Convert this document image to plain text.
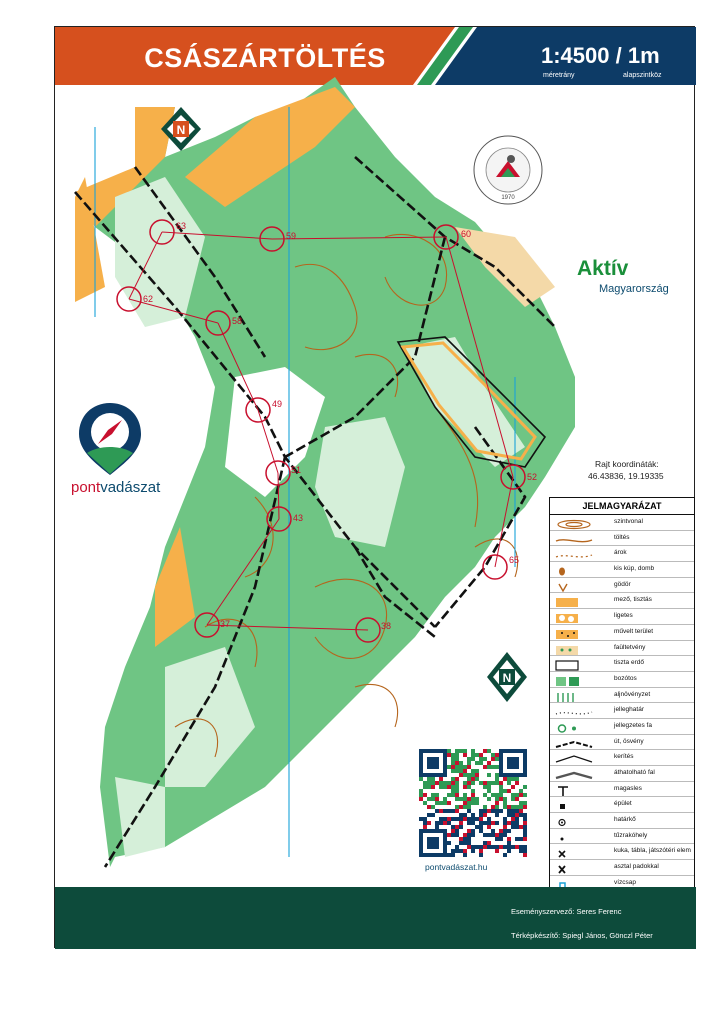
63
59	60
62
58
49
51
43
52
65
37	38
N
N
CSÁSZÁRTÖLTÉS	1:4500 / 1m
méretrány	alapszintköz
1970
Aktív
Magyarország
pontvadászat
Rajt koordináták:
46.43836, 19.19335
JELMAGYARÁZAT
szintvonal
töltés
árok
kis kúp, domb
gödör
mező, tisztás
ligetes
művelt terület
faültetvény
tiszta erdő
bozótos
aljnövényzet
jelleghatár
jellegzetes fa
út, ösvény
kerítés
áthatolható fal
magasles
épület
határkő
tűzrakóhely
kuka, tábla, játszótéri elem
asztal padokkal
vízcsap
pontvadászat.hu
Eseményszervező: Seres Ferenc
Térképkészítő: Spiegl János, Gönczl Péter
